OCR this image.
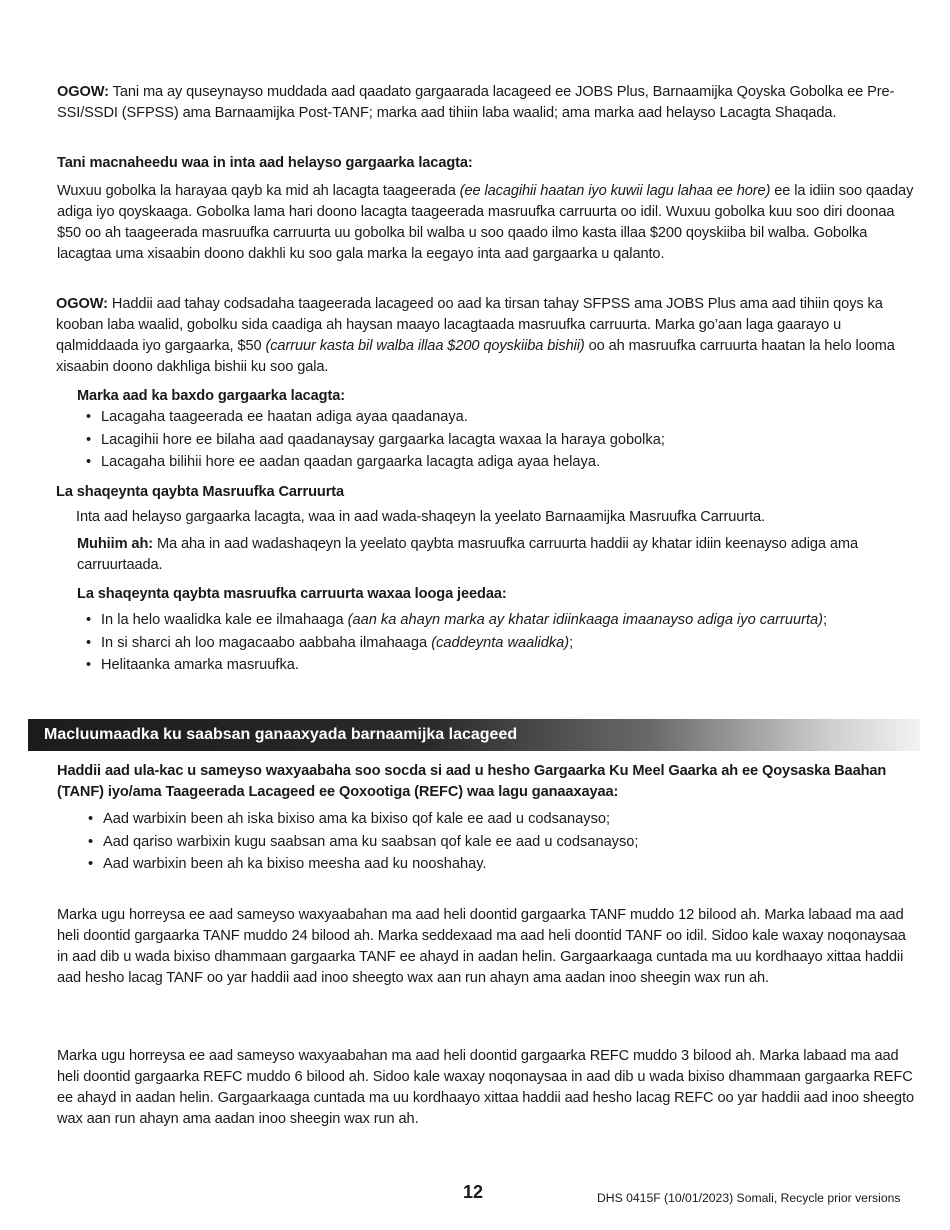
OGOW: Tani ma ay quseynayso muddada aad qaadato gargaarada lacageed ee JOBS Plus, Barnaamijka Qoyska Gobolka ee Pre-SSI/SSDI (SFPSS) ama Barnaamijka Post-TANF; marka aad tihiin laba waalid; ama marka aad helayso Lacagta Shaqada.
Tani macnaheedu waa in inta aad helayso gargaarka lacagta:
Wuxuu gobolka la harayaa qayb ka mid ah lacagta taageerada (ee lacagihii haatan iyo kuwii lagu lahaa ee hore) ee la idiin soo qaaday adiga iyo qoyskaaga. Gobolka lama hari doono lacagta taageerada masruufka carruurta oo idil. Wuxuu gobolka kuu soo diri doonaa $50 oo ah taageerada masruufka carruurta uu gobolka bil walba u soo qaado ilmo kasta illaa $200 qoyskiiba bil walba. Gobolka lacagtaa uma xisaabin doono dakhli ku soo gala marka la eegayo inta aad gargaarka u qalanto.
OGOW: Haddii aad tahay codsadaha taageerada lacageed oo aad ka tirsan tahay SFPSS ama JOBS Plus ama aad tihiin qoys ka kooban laba waalid, gobolku sida caadiga ah haysan maayo lacagtaada masruufka carruurta. Marka go’aan laga gaarayo u qalmiddaada iyo gargaarka, $50 (carruur kasta bil walba illaa $200 qoyskiiba bishii) oo ah masruufka carruurta haatan la helo looma xisaabin doono dakhliga bishii ku soo gala.
Marka aad ka baxdo gargaarka lacagta:
• Lacagaha taageerada ee haatan adiga ayaa qaadanaya.
• Lacagihii hore ee bilaha aad qaadanaysay gargaarka lacagta waxaa la haraya gobolka;
• Lacagaha bilihii hore ee aadan qaadan gargaarka lacagta adiga ayaa helaya.
La shaqeynta qaybta Masruufka Carruurta
Inta aad helayso gargaarka lacagta, waa in aad wada-shaqeyn la yeelato Barnaamijka Masruufka Carruurta.
Muhiim ah: Ma aha in aad wadashaqeyn la yeelato qaybta masruufka carruurta haddii ay khatar idiin keenayso adiga ama carruurtaada.
La shaqeynta qaybta masruufka carruurta waxaa looga jeedaa:
• In la helo waalidka kale ee ilmahaaga (aan ka ahayn marka ay khatar idiinkaaga imaanayso adiga iyo carruurta);
• In si sharci ah loo magacaabo aabbaha ilmahaaga (caddeynta waalidka);
• Helitaanka amarka masruufka.
Macluumaadka ku saabsan ganaaxyada barnaamijka lacageed
Haddii aad ula-kac u sameyso waxyaabaha soo socda si aad u hesho Gargaarka Ku Meel Gaarka ah ee Qoysaska Baahan (TANF) iyo/ama Taageerada Lacageed ee Qoxootiga (REFC) waa lagu ganaaxayaa:
• Aad warbixin been ah iska bixiso ama ka bixiso qof kale ee aad u codsanayso;
• Aad qariso warbixin kugu saabsan ama ku saabsan qof kale ee aad u codsanayso;
• Aad warbixin been ah ka bixiso meesha aad ku nooshahay.
Marka ugu horreysa ee aad sameyso waxyaabahan ma aad heli doontid gargaarka TANF muddo 12 bilood ah. Marka labaad ma aad heli doontid gargaarka TANF muddo 24 bilood ah. Marka seddexaad ma aad heli doontid TANF oo idil. Sidoo kale waxay noqonaysaa in aad dib u wada bixiso dhammaan gargaarka TANF ee ahayd in aadan helin. Gargaarkaaga cuntada ma uu kordhaayo xittaa haddii aad hesho lacag TANF oo yar haddii aad inoo sheegto wax aan run ahayn ama aadan inoo sheegin wax run ah.
Marka ugu horreysa ee aad sameyso waxyaabahan ma aad heli doontid gargaarka REFC muddo 3 bilood ah. Marka labaad ma aad heli doontid gargaarka REFC muddo 6 bilood ah. Sidoo kale waxay noqonaysaa in aad dib u wada bixiso dhammaan gargaarka REFC ee ahayd in aadan helin. Gargaarkaaga cuntada ma uu kordhaayo xittaa haddii aad hesho lacag REFC oo yar haddii aad inoo sheegto wax aan run ahayn ama aadan inoo sheegin wax run ah.
12	DHS 0415F (10/01/2023) Somali, Recycle prior versions
